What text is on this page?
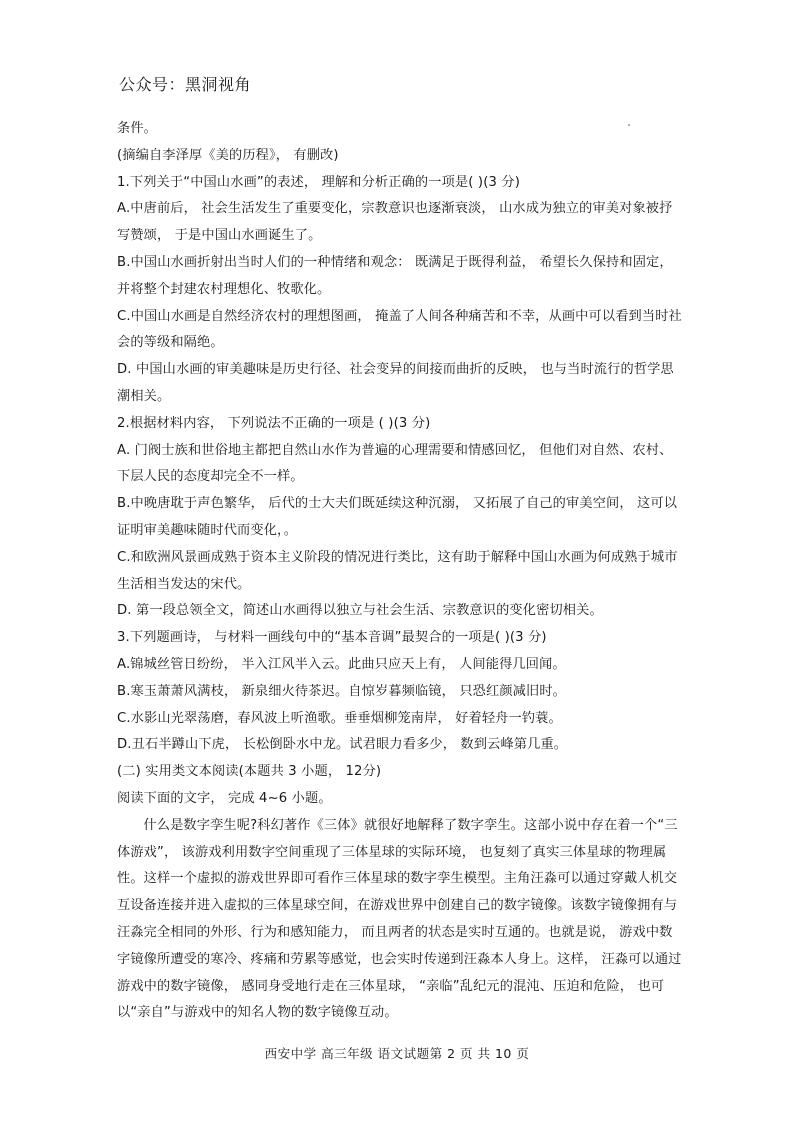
公众号：黑洞视角

条件。

(摘编自李泽厚《美的历程》， 有删改)

1.下列关于“中国山水画”的表述， 理解和分析正确的一项是( )(3 分)

A.中唐前后， 社会生活发生了重要变化，宗教意识也逐渐衰淡， 山水成为独立的审美对象被抒写赞颂， 于是中国山水画诞生了。

B.中国山水画折射出当时人们的一种情绪和观念： 既满足于既得利益， 希望长久保持和固定， 并将整个封建农村理想化、牧歌化。

C.中国山水画是自然经济农村的理想图画， 掩盖了人间各种痛苦和不幸，从画中可以看到当时社会的等级和隔绝。

D. 中国山水画的审美趣味是历史行径、社会变异的间接而曲折的反映， 也与当时流行的哲学思潮相关。

2.根据材料内容， 下列说法不正确的一项是 ( )(3 分)

A. 门阀士族和世俗地主都把自然山水作为普遍的心理需要和情感回忆， 但他们对自然、农村、下层人民的态度却完全不一样。

B.中晚唐耽于声色繁华， 后代的士大夫们既延续这种沉溺， 又拓展了自己的审美空间， 这可以证明审美趣味随时代而变化，。

C.和欧洲风景画成熟于资本主义阶段的情况进行类比，这有助于解释中国山水画为何成熟于城市生活相当发达的宋代。

D. 第一段总领全文，简述山水画得以独立与社会生活、宗教意识的变化密切相关。

3.下列题画诗， 与材料一画线句中的“基本音调”最契合的一项是( )(3 分)

A.锦城丝管日纷纷， 半入江风半入云。此曲只应天上有， 人间能得几回闻。

B.寒玉萧萧风满枝， 新泉细火待茶迟。自惊岁暮频临镜， 只恐红颜减旧时。

C.水影山光翠荡磨，春风波上听渔歌。垂垂烟柳笼南岸， 好着轻舟一钓蓑。

D.丑石半蹲山下虎， 长松倒卧水中龙。试君眼力看多少， 数到云峰第几重。

(二) 实用类文本阅读(本题共 3 小题， 12分)

阅读下面的文字， 完成 4~6 小题。

什么是数字孪生呢?科幻著作《三体》就很好地解释了数字孪生。这部小说中存在着一个“三体游戏”， 该游戏利用数字空间重现了三体星球的实际环境， 也复刻了真实三体星球的物理属性。这样一个虚拟的游戏世界即可看作三体星球的数字孪生模型。主角汪淼可以通过穿戴人机交互设备连接并进入虚拟的三体星球空间，在游戏世界中创建自己的数字镜像。该数字镜像拥有与汪淼完全相同的外形、行为和感知能力， 而且两者的状态是实时互通的。也就是说， 游戏中数字镜像所遭受的寒冷、疼痛和劳累等感觉，也会实时传递到汪淼本人身上。这样， 汪淼可以通过游戏中的数字镜像， 感同身受地行走在三体星球， “亲临”乱纪元的混沌、压迫和危险， 也可以“亲自”与游戏中的知名人物的数字镜像互动。

西安中学 高三年级 语文试题第 2 页 共 10 页
